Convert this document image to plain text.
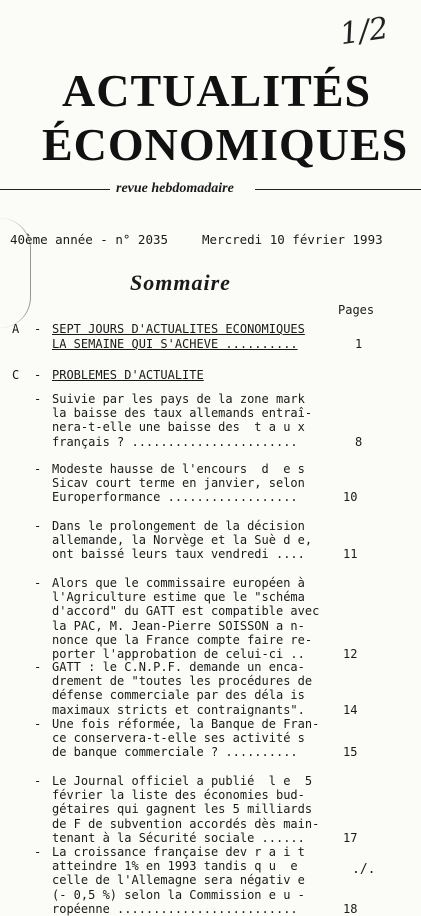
1/2
ACTUALITÉS
ÉCONOMIQUES
revue hebdomadaire
40ème année - n° 2035	Mercredi 10 février 1993
Sommaire
Pages
A - SEPT JOURS D'ACTUALITES ECONOMIQUES
LA SEMAINE QUI S'ACHEVE ..........	1
C - PROBLEMES D'ACTUALITE
- Suivie par les pays de la zone mark
la baisse des taux allemands entraî-
nera-t-elle une baisse des  t a u x
français ? .......................	8
- Modeste hausse de l'encours  d  e s
Sicav court terme en janvier, selon
Europerformance ..................	10
- Dans le prolongement de la décision
allemande, la Norvège et la Suè d e,
ont baissé leurs taux vendredi ....	11
- Alors que le commissaire européen à
l'Agriculture estime que le "schéma
d'accord" du GATT est compatible avec
la PAC, M. Jean-Pierre SOISSON a n-
nonce que la France compte faire re-
porter l'approbation de celui-ci ..	12
- GATT : le C.N.P.F. demande un enca-
drement de "toutes les procédures de
défense commerciale par des déla is
maximaux stricts et contraignants".	14
- Une fois réformée, la Banque de Fran-
ce conservera-t-elle ses activité s
de banque commerciale ? ..........	15
- Le Journal officiel a publié  l e  5
février la liste des économies bud-
gétaires qui gagnent les 5 milliards
de F de subvention accordés dès main-
tenant à la Sécurité sociale ......	17
- La croissance française dev r a i t
atteindre 1% en 1993 tandis q u  e
celle de l'Allemagne sera négativ e
(- 0,5 %) selon la Commission e u -
ropéenne .........................	18
./.
